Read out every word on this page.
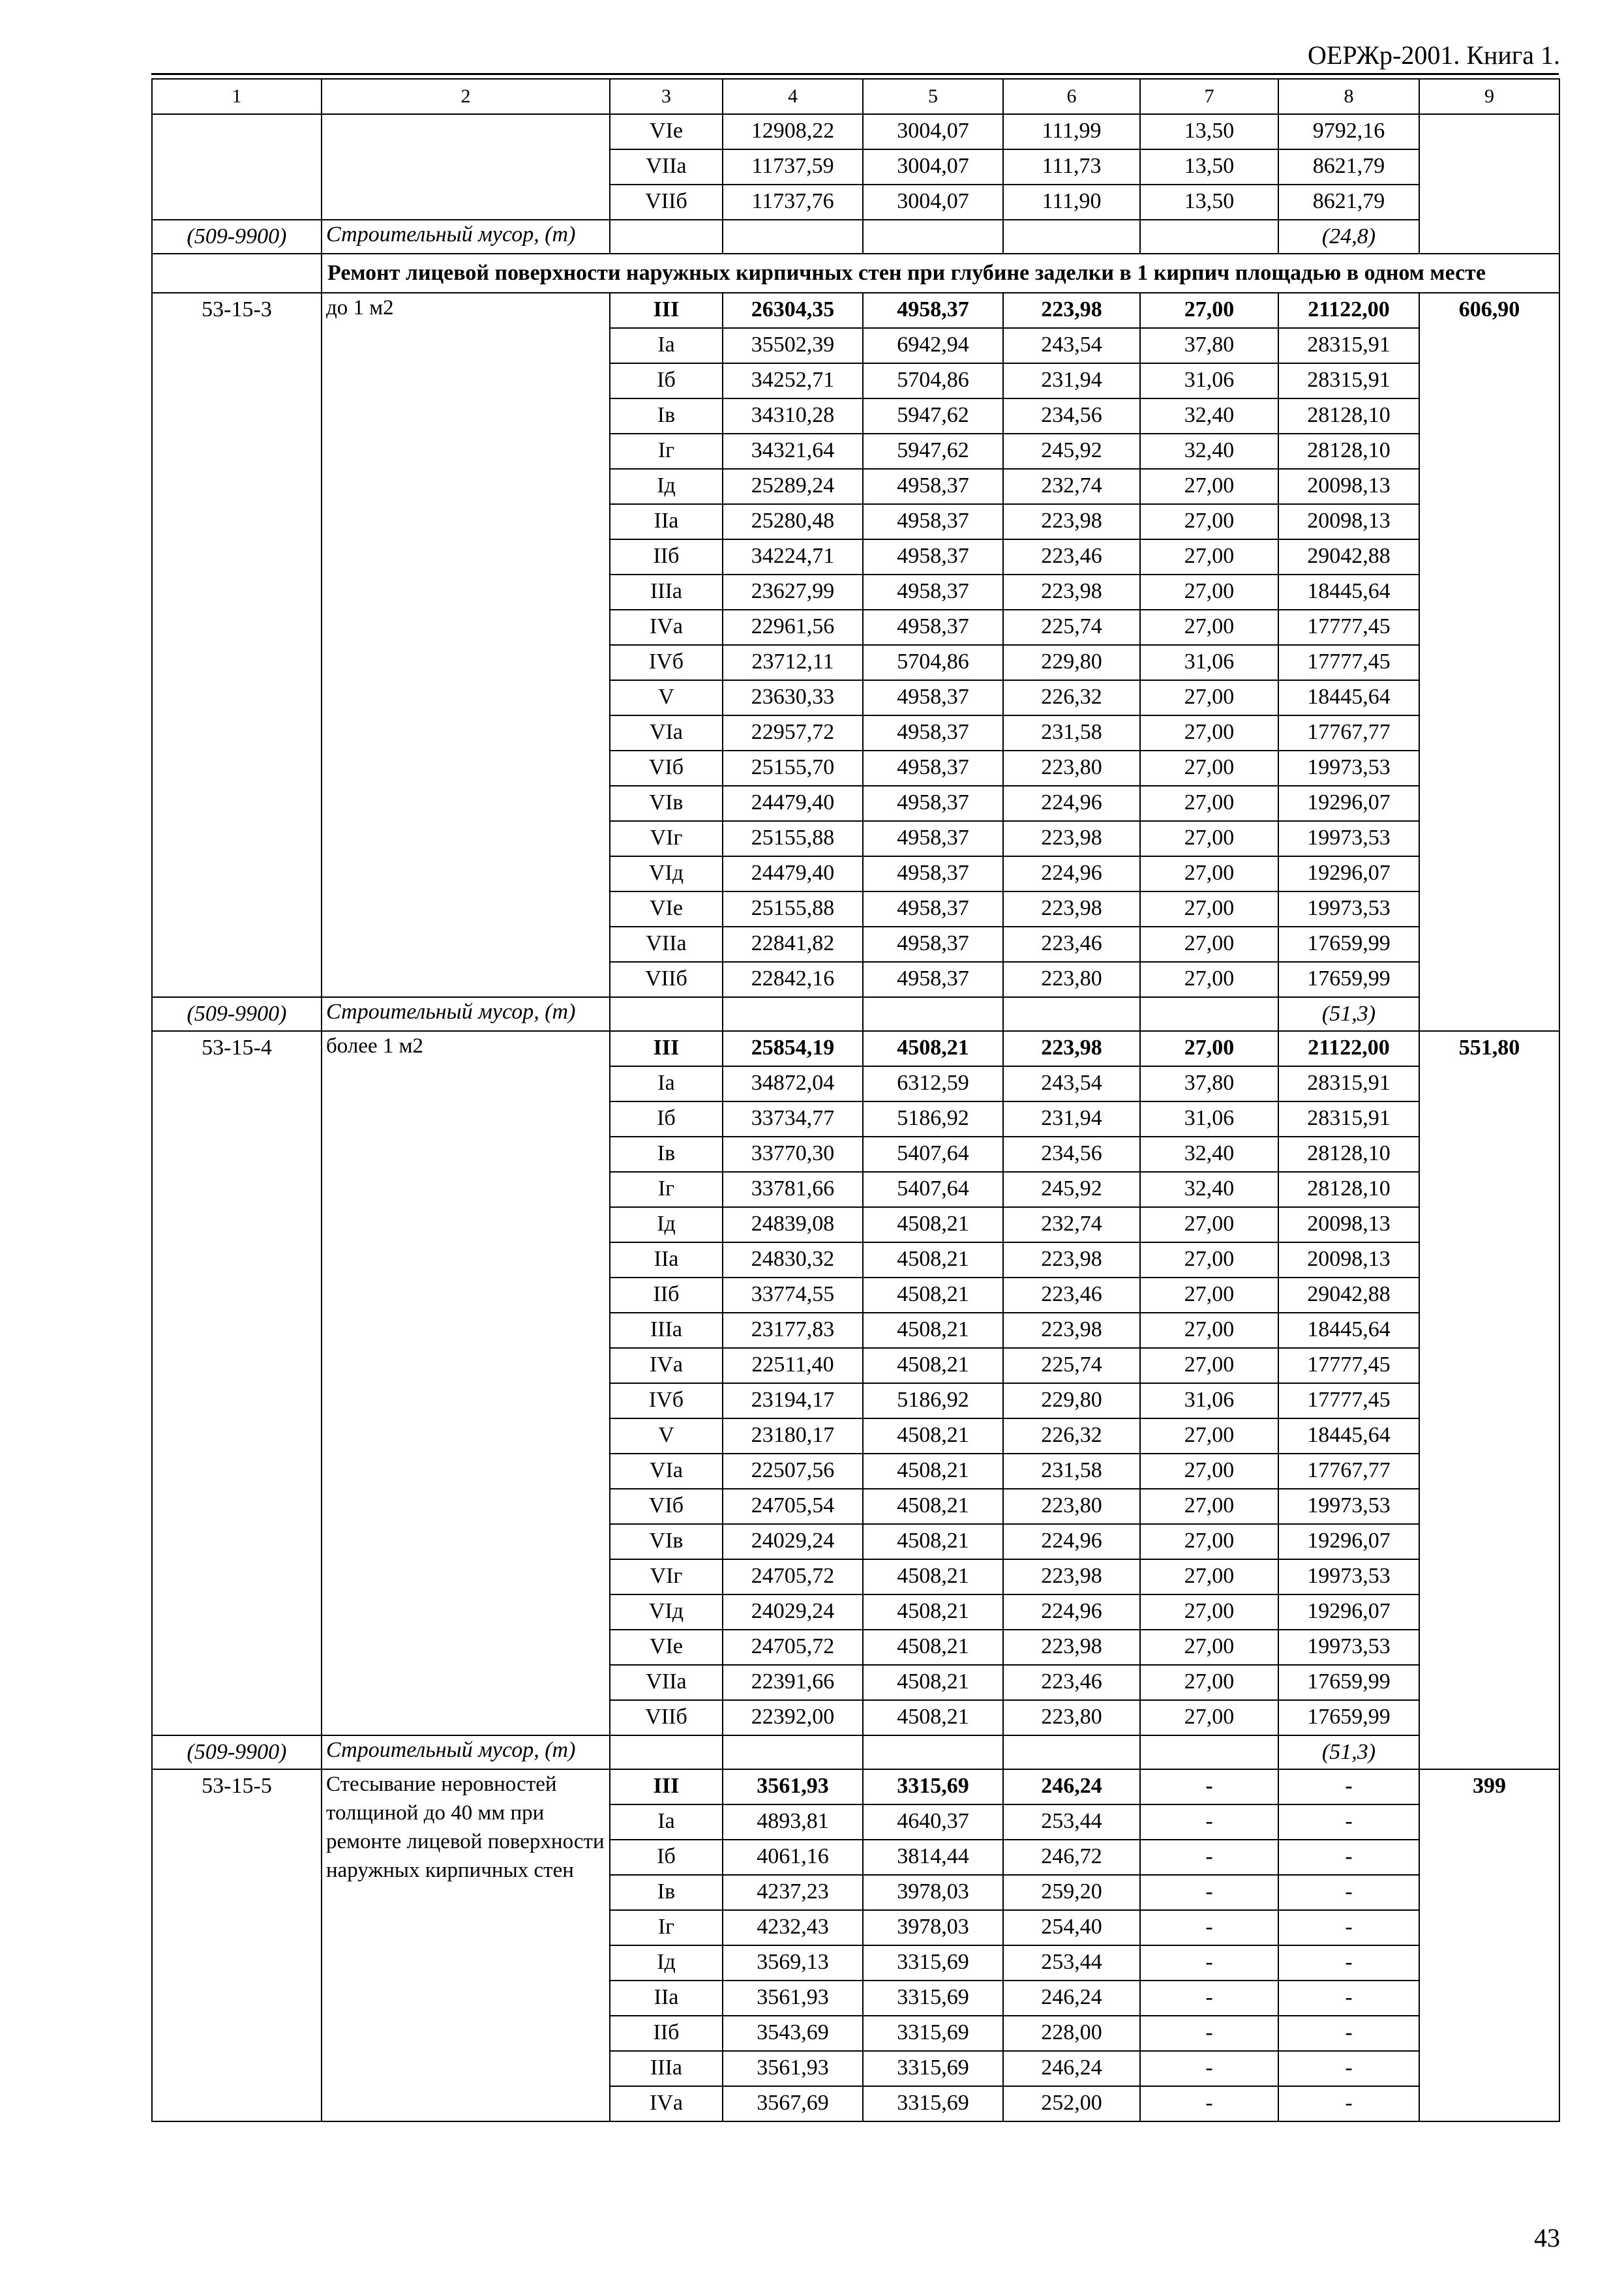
ОЕРЖр-2001. Книга 1.
1	2	3	4	5	6	7	8	9
		VIе	12908,22	3004,07	111,99	13,50	9792,16	
		VIIа	11737,59	3004,07	111,73	13,50	8621,79	
		VIIб	11737,76	3004,07	111,90	13,50	8621,79	
(509-9900)	Строительный мусор, (т)						(24,8)	
	Ремонт лицевой поверхности наружных кирпичных стен при глубине заделки в 1 кирпич площадью в одном месте							
53-15-3	до 1 м2	III	26304,35	4958,37	223,98	27,00	21122,00	606,90
		Iа	35502,39	6942,94	243,54	37,80	28315,91	
		Iб	34252,71	5704,86	231,94	31,06	28315,91	
		Iв	34310,28	5947,62	234,56	32,40	28128,10	
		Iг	34321,64	5947,62	245,92	32,40	28128,10	
		Iд	25289,24	4958,37	232,74	27,00	20098,13	
		IIа	25280,48	4958,37	223,98	27,00	20098,13	
		IIб	34224,71	4958,37	223,46	27,00	29042,88	
		IIIа	23627,99	4958,37	223,98	27,00	18445,64	
		IVа	22961,56	4958,37	225,74	27,00	17777,45	
		IVб	23712,11	5704,86	229,80	31,06	17777,45	
		V	23630,33	4958,37	226,32	27,00	18445,64	
		VIа	22957,72	4958,37	231,58	27,00	17767,77	
		VIб	25155,70	4958,37	223,80	27,00	19973,53	
		VIв	24479,40	4958,37	224,96	27,00	19296,07	
		VIг	25155,88	4958,37	223,98	27,00	19973,53	
		VIд	24479,40	4958,37	224,96	27,00	19296,07	
		VIе	25155,88	4958,37	223,98	27,00	19973,53	
		VIIа	22841,82	4958,37	223,46	27,00	17659,99	
		VIIб	22842,16	4958,37	223,80	27,00	17659,99	
(509-9900)	Строительный мусор, (т)						(51,3)	
53-15-4	более 1 м2	III	25854,19	4508,21	223,98	27,00	21122,00	551,80
		Iа	34872,04	6312,59	243,54	37,80	28315,91	
		Iб	33734,77	5186,92	231,94	31,06	28315,91	
		Iв	33770,30	5407,64	234,56	32,40	28128,10	
		Iг	33781,66	5407,64	245,92	32,40	28128,10	
		Iд	24839,08	4508,21	232,74	27,00	20098,13	
		IIа	24830,32	4508,21	223,98	27,00	20098,13	
		IIб	33774,55	4508,21	223,46	27,00	29042,88	
		IIIа	23177,83	4508,21	223,98	27,00	18445,64	
		IVа	22511,40	4508,21	225,74	27,00	17777,45	
		IVб	23194,17	5186,92	229,80	31,06	17777,45	
		V	23180,17	4508,21	226,32	27,00	18445,64	
		VIа	22507,56	4508,21	231,58	27,00	17767,77	
		VIб	24705,54	4508,21	223,80	27,00	19973,53	
		VIв	24029,24	4508,21	224,96	27,00	19296,07	
		VIг	24705,72	4508,21	223,98	27,00	19973,53	
		VIд	24029,24	4508,21	224,96	27,00	19296,07	
		VIе	24705,72	4508,21	223,98	27,00	19973,53	
		VIIа	22391,66	4508,21	223,46	27,00	17659,99	
		VIIб	22392,00	4508,21	223,80	27,00	17659,99	
(509-9900)	Строительный мусор, (т)						(51,3)	
53-15-5	Стесывание неровностей толщиной до 40 мм при ремонте лицевой поверхности наружных кирпичных стен	III	3561,93	3315,69	246,24	-	-	399
		Iа	4893,81	4640,37	253,44	-	-	
		Iб	4061,16	3814,44	246,72	-	-	
		Iв	4237,23	3978,03	259,20	-	-	
		Iг	4232,43	3978,03	254,40	-	-	
		Iд	3569,13	3315,69	253,44	-	-	
		IIа	3561,93	3315,69	246,24	-	-	
		IIб	3543,69	3315,69	228,00	-	-	
		IIIа	3561,93	3315,69	246,24	-	-	
		IVа	3567,69	3315,69	252,00	-	-	
43
